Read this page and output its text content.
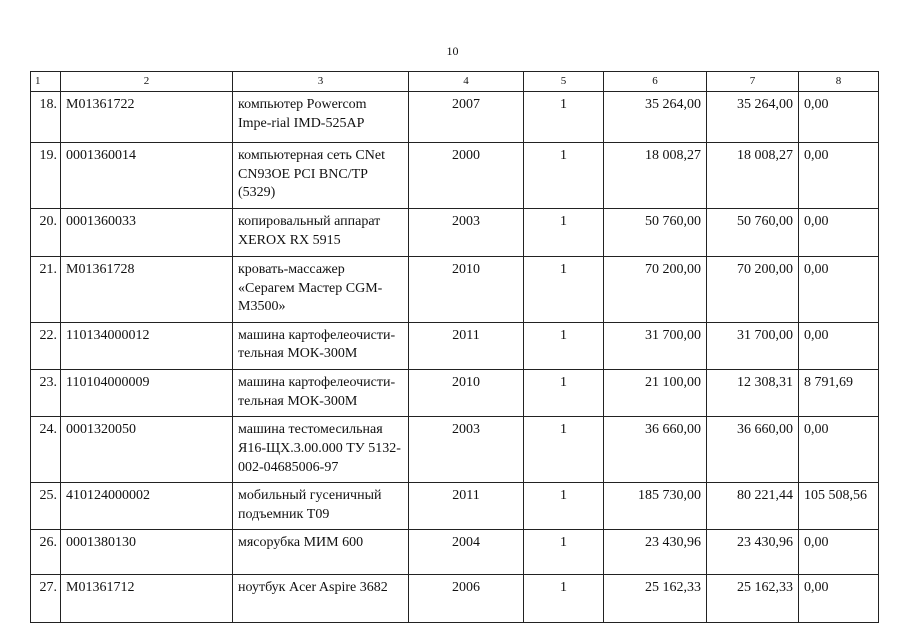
10
1	2	3	4	5	6	7	8
18.	M01361722	компьютер Powercom Impe-rial IMD-525AP	2007	1	35 264,00	35 264,00	0,00
19.	0001360014	компьютерная сеть CNet CN93OE PCI BNC/TP (5329)	2000	1	18 008,27	18 008,27	0,00
20.	0001360033	копировальный аппарат XEROX RX 5915	2003	1	50 760,00	50 760,00	0,00
21.	M01361728	кровать-массажер «Серагем Мастер CGM-M3500»	2010	1	70 200,00	70 200,00	0,00
22.	110134000012	машина картофелеочисти-тельная МОК-300М	2011	1	31 700,00	31 700,00	0,00
23.	110104000009	машина картофелеочисти-тельная МОК-300М	2010	1	21 100,00	12 308,31	8 791,69
24.	0001320050	машина тестомесильная Я16-ЩХ.3.00.000 ТУ 5132-002-04685006-97	2003	1	36 660,00	36 660,00	0,00
25.	410124000002	мобильный гусеничный подъемник Т09	2011	1	185 730,00	80 221,44	105 508,56
26.	0001380130	мясорубка МИМ 600	2004	1	23 430,96	23 430,96	0,00
27.	M01361712	ноутбук Acer Aspire 3682	2006	1	25 162,33	25 162,33	0,00
